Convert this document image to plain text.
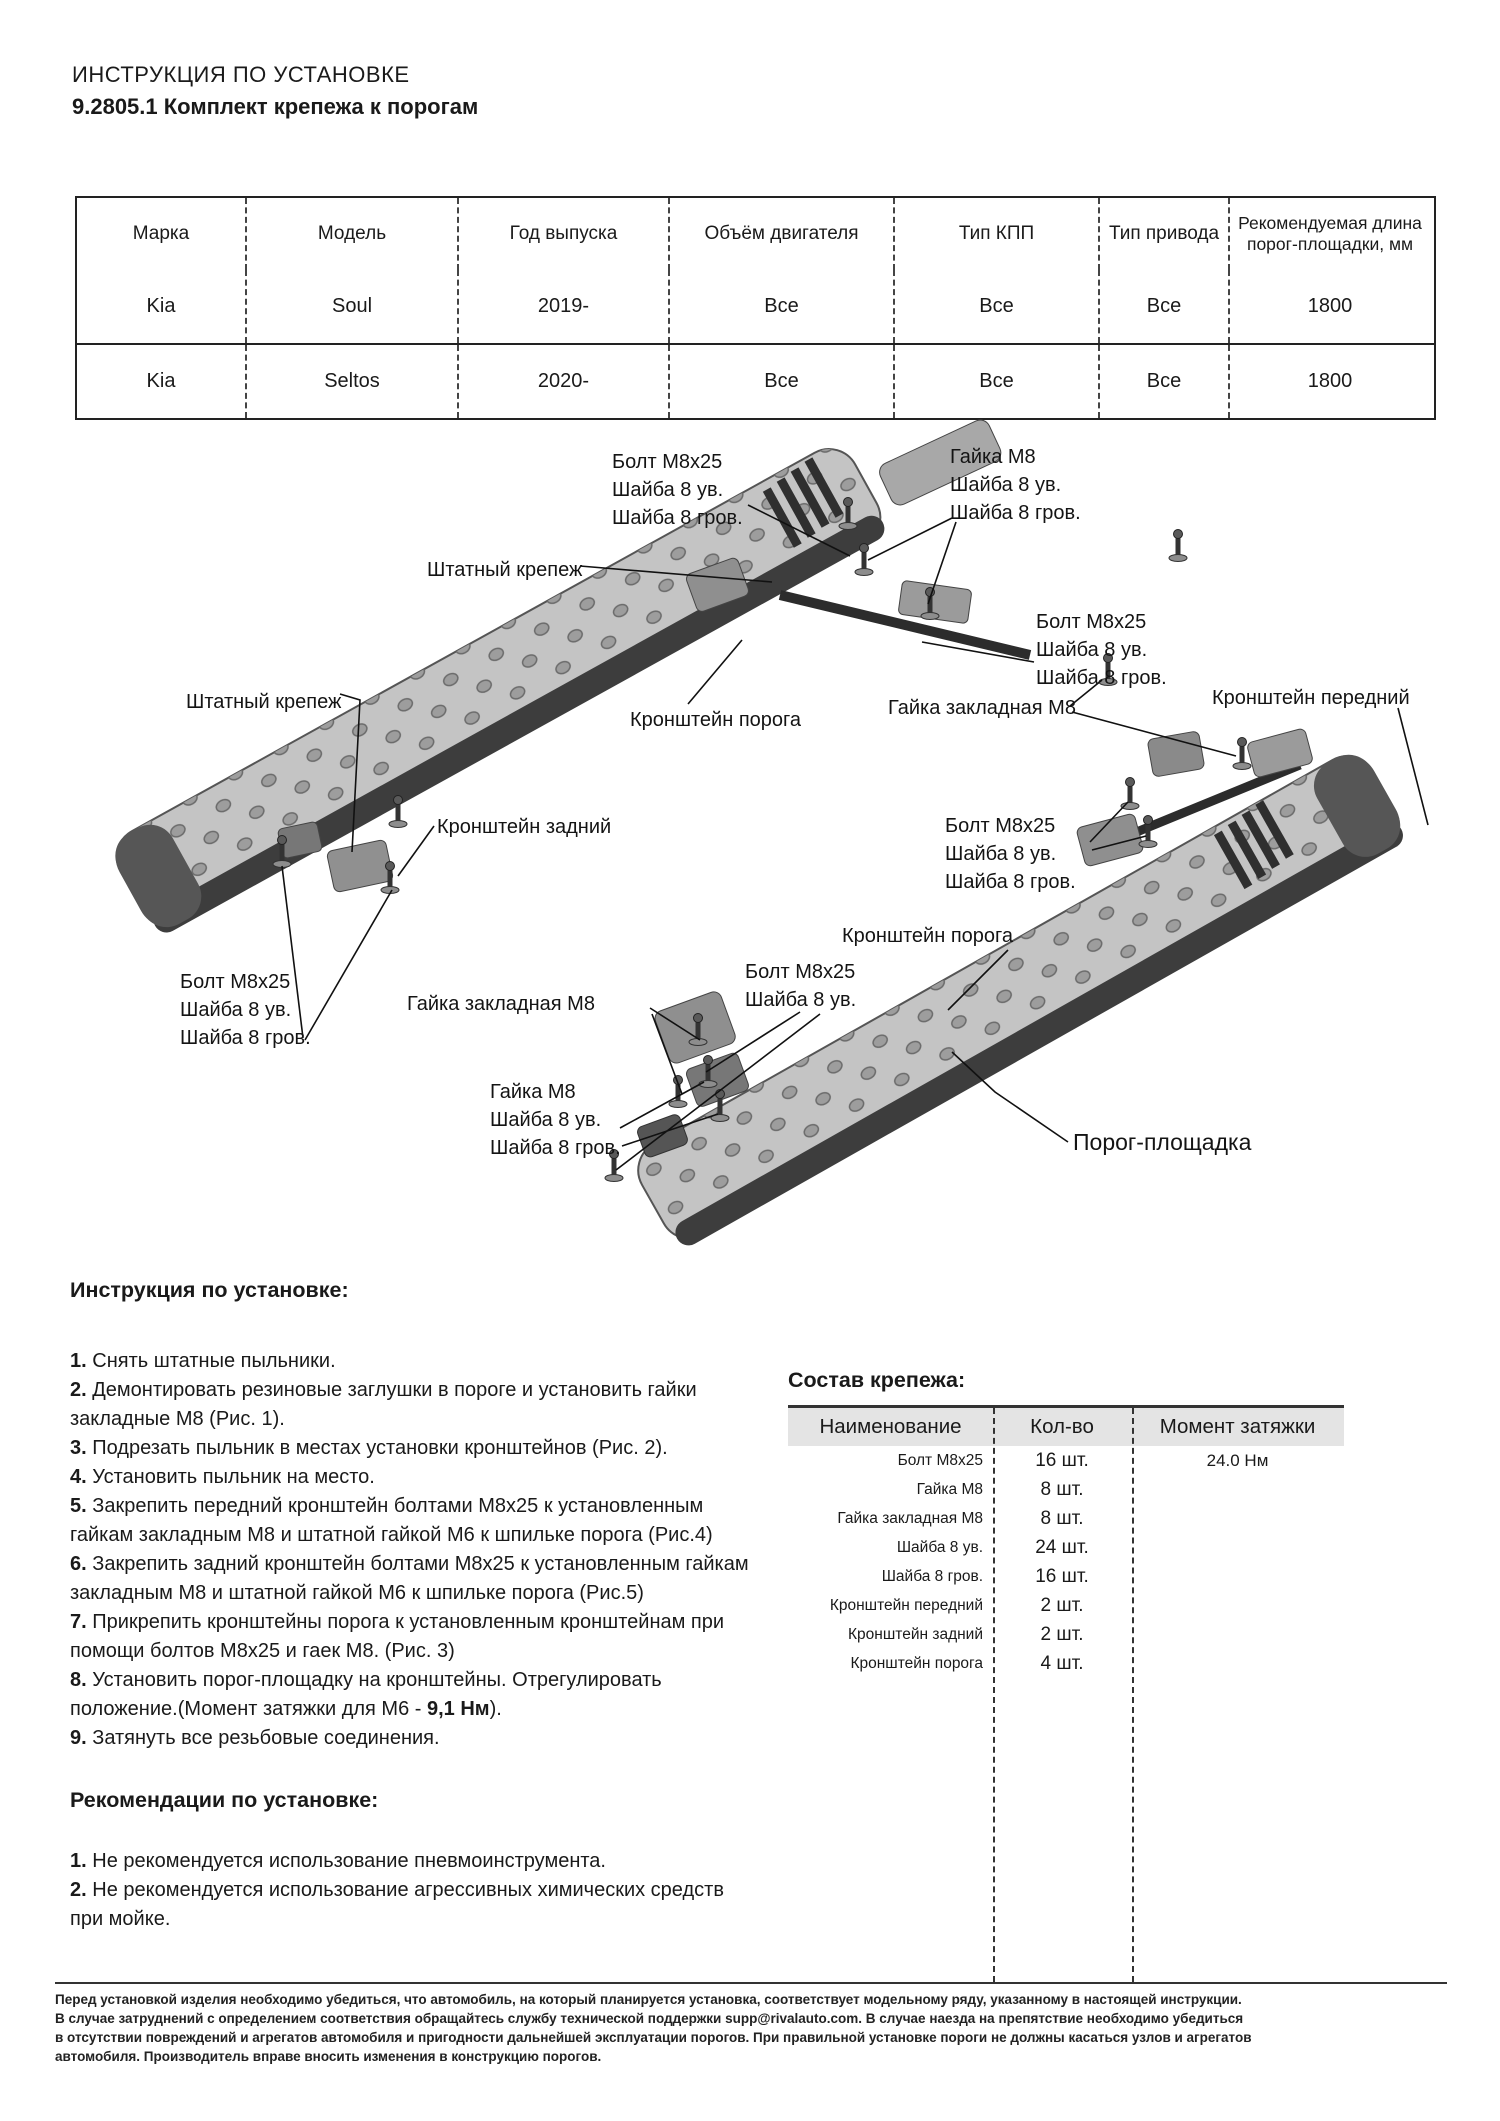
ИНСТРУКЦИЯ ПО УСТАНОВКЕ
9.2805.1 Комплект крепежа к порогам
Марка	Модель	Год выпуска	Объём двигателя	Тип КПП	Тип привода	Рекомендуемая длина порог-площадки, мм
Kia	Soul	2019-	Все	Все	Все	1800
Kia	Seltos	2020-	Все	Все	Все	1800
Болт М8х25
Шайба 8 ув.
Шайба 8 гров.
Гайка М8
Шайба 8 ув.
Шайба 8 гров.
Штатный крепеж
Болт М8х25
Шайба 8 ув.
Шайба 8 гров.
Кронштейн порога
Гайка закладная М8	Кронштейн передний
Штатный крепеж
Кронштейн задний	Болт М8х25
Шайба 8 ув.
Шайба 8 гров.
Кронштейн порога
Болт М8х25
Шайба 8 ув.
Шайба 8 гров.
Гайка закладная М8
Болт М8х25
Шайба 8 ув.
Гайка М8
Шайба 8 ув.
Шайба 8 гров.	Порог-площадка

Инструкция по установке:

1. Снять штатные пыльники.

2. Демонтировать резиновые заглушки в пороге и установить гайки закладные М8 (Рис. 1).

3. Подрезать пыльник в местах установки кронштейнов (Рис. 2).

4. Установить пыльник на место.

5. Закрепить передний кронштейн болтами М8х25 к установленным гайкам закладным М8 и штатной гайкой М6 к шпильке порога (Рис.4)

6. Закрепить задний кронштейн болтами М8х25 к установленным гайкам закладным М8 и штатной гайкой М6 к шпильке порога (Рис.5)

7. Прикрепить кронштейны порога к установленным кронштейнам при помощи болтов М8х25 и гаек М8. (Рис. 3)

8. Установить порог-площадку на кронштейны. Отрегулировать положение.(Момент затяжки для М6 - 9,1 Нм).

9. Затянуть все резьбовые соединения.

Состав крепежа:

Наименование	Кол-во	Момент затяжки
Болт М8х25	16 шт.	24.0 Нм
Гайка М8	8 шт.
Гайка закладная М8	8 шт.
Шайба 8 ув.	24 шт.
Шайба 8 гров.	16 шт.
Кронштейн передний	2 шт.
Кронштейн задний	2 шт.
Кронштейн порога	4 шт.

Рекомендации по установке:

1. Не рекомендуется использование пневмоинструмента.

2. Не рекомендуется использование агрессивных химических средств при мойке.

Перед установкой изделия необходимо убедиться, что автомобиль, на который планируется установка, соответствует модельному ряду, указанному в настоящей инструкции.
В случае затруднений с определением соответствия обращайтесь службу технической поддержки supp@rivalauto.com. В случае наезда на препятствие необходимо убедиться
в отсутствии повреждений и агрегатов автомобиля и пригодности дальнейшей эксплуатации порогов. При правильной установке пороги не должны касаться узлов и агрегатов
автомобиля. Производитель вправе вносить изменения в конструкцию порогов.
